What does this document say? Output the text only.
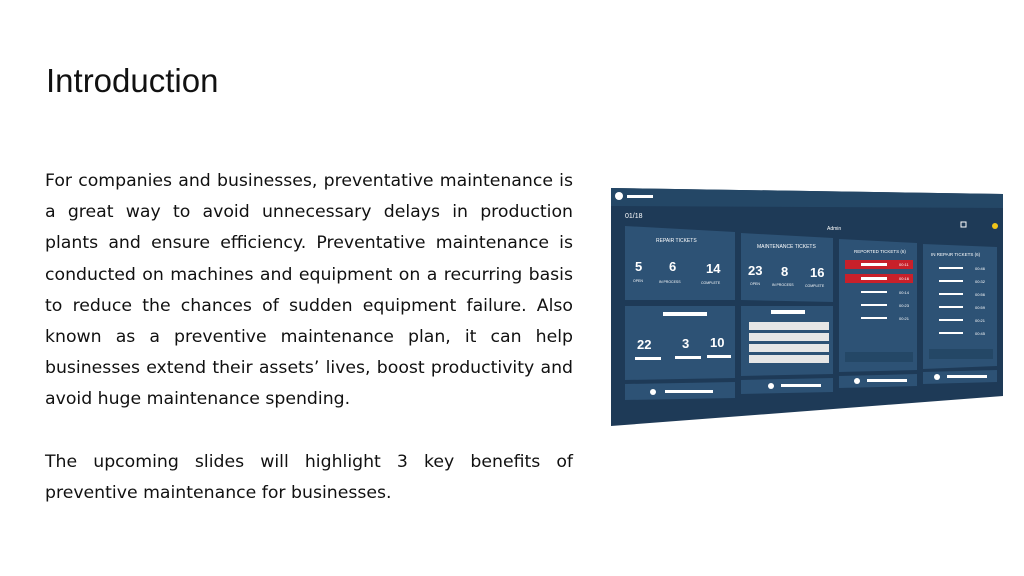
Introduction

For companies and businesses, preventative maintenance is a great way to avoid unnecessary delays in production plants and ensure efficiency. Preventative maintenance is conducted on machines and equipment on a recurring basis to reduce the chances of sudden equipment failure. Also known as a preventive maintenance plan, it can help businesses extend their assets’ lives, boost productivity and avoid huge maintenance spending.

The upcoming slides will highlight 3 key benefits of preventive maintenance for businesses.

01/18
Admin
REPAIR TICKETS
5 6 14
OPEN	IN PROCESS	COMPLETE
MAINTENANCE TICKETS
23 8 16
OPEN	IN PROCESS	COMPLETE
REPORTED TICKETS (6)
00:11
00:16
00:14
00:23
00:21
IN REPAIR TICKETS (6)
00:46
00:32
00:56
00:59
00:21
00:45
22 3 10
